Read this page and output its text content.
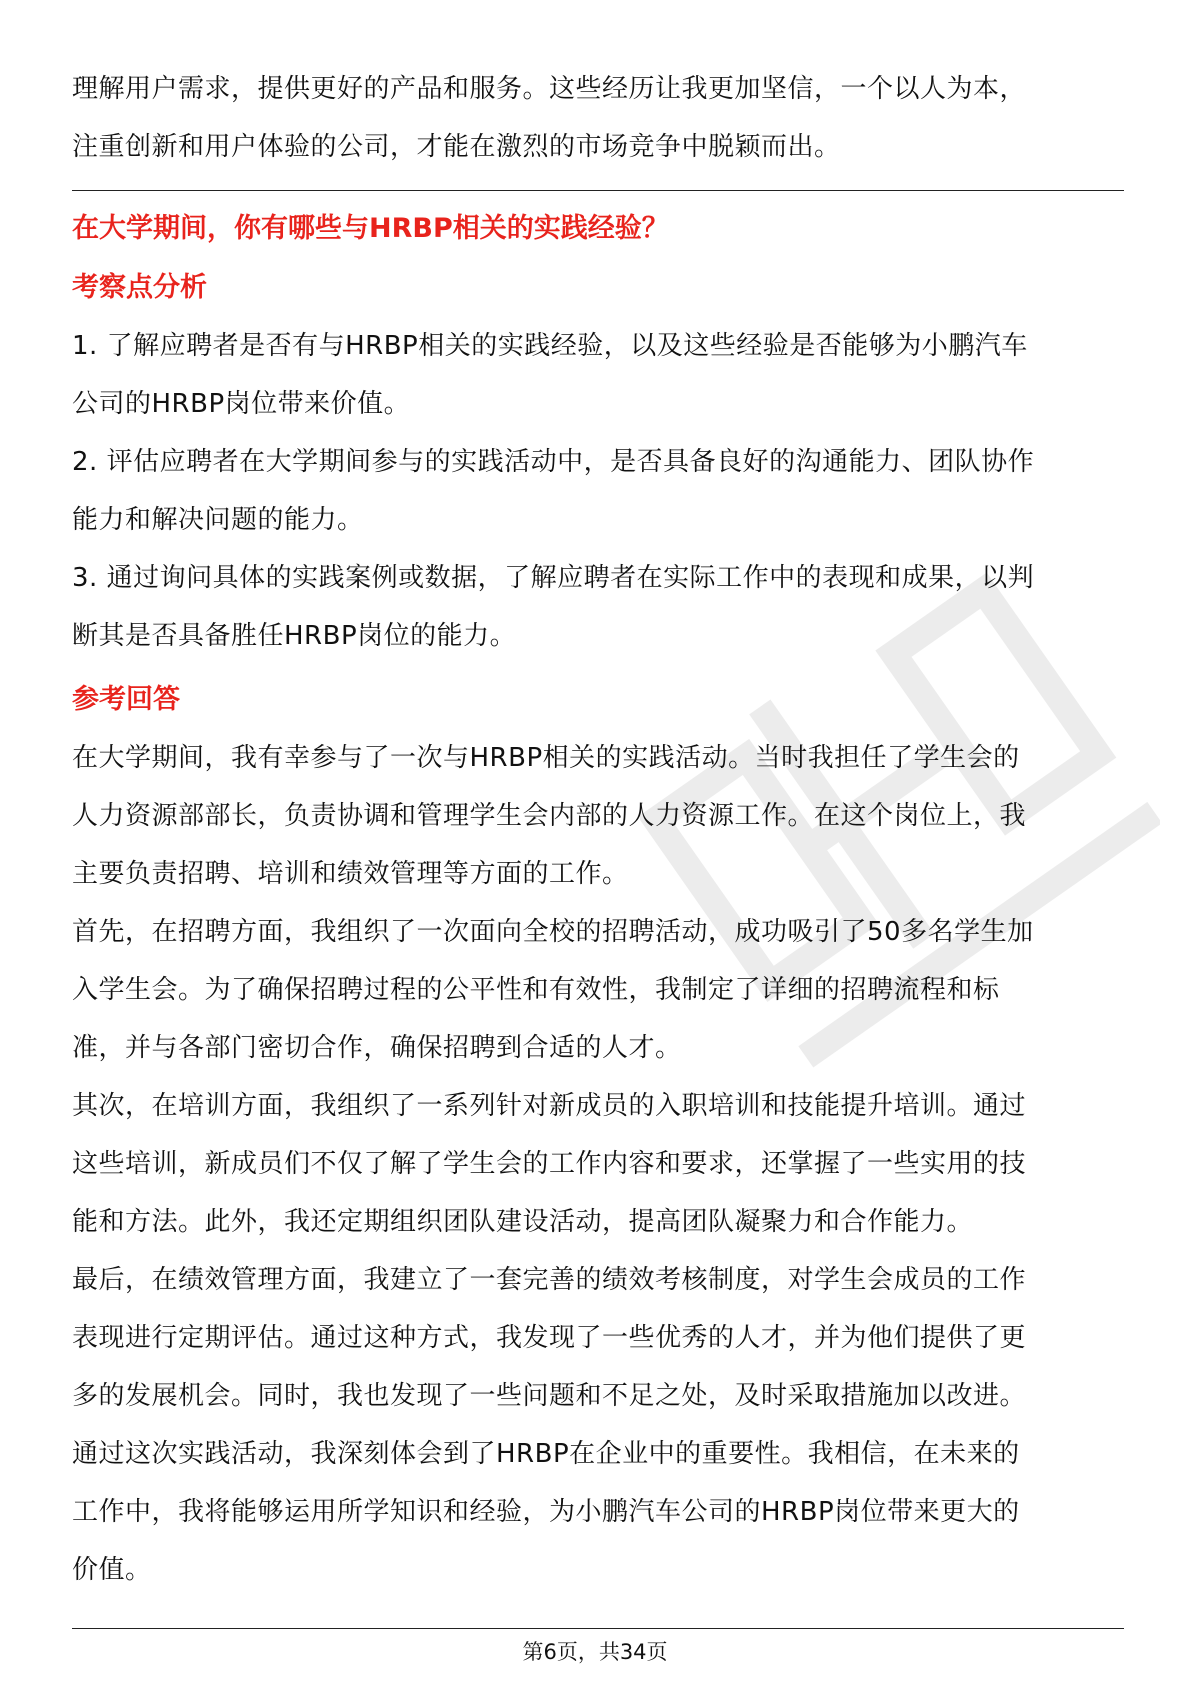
理解用户需求，提供更好的产品和服务。这些经历让我更加坚信，一个以人为本，

注重创新和用户体验的公司，才能在激烈的市场竞争中脱颖而出。

在大学期间，你有哪些与HRBP相关的实践经验？

考察点分析

1. 了解应聘者是否有与HRBP相关的实践经验，以及这些经验是否能够为小鹏汽车

公司的HRBP岗位带来价值。

2. 评估应聘者在大学期间参与的实践活动中，是否具备良好的沟通能力、团队协作

能力和解决问题的能力。

3. 通过询问具体的实践案例或数据，了解应聘者在实际工作中的表现和成果，以判

断其是否具备胜任HRBP岗位的能力。

参考回答

在大学期间，我有幸参与了一次与HRBP相关的实践活动。当时我担任了学生会的

人力资源部部长，负责协调和管理学生会内部的人力资源工作。在这个岗位上，我

主要负责招聘、培训和绩效管理等方面的工作。

首先，在招聘方面，我组织了一次面向全校的招聘活动，成功吸引了50多名学生加

入学生会。为了确保招聘过程的公平性和有效性，我制定了详细的招聘流程和标

准，并与各部门密切合作，确保招聘到合适的人才。

其次，在培训方面，我组织了一系列针对新成员的入职培训和技能提升培训。通过

这些培训，新成员们不仅了解了学生会的工作内容和要求，还掌握了一些实用的技

能和方法。此外，我还定期组织团队建设活动，提高团队凝聚力和合作能力。

最后，在绩效管理方面，我建立了一套完善的绩效考核制度，对学生会成员的工作

表现进行定期评估。通过这种方式，我发现了一些优秀的人才，并为他们提供了更

多的发展机会。同时，我也发现了一些问题和不足之处，及时采取措施加以改进。

通过这次实践活动，我深刻体会到了HRBP在企业中的重要性。我相信，在未来的

工作中，我将能够运用所学知识和经验，为小鹏汽车公司的HRBP岗位带来更大的

价值。

第6页，共34页
